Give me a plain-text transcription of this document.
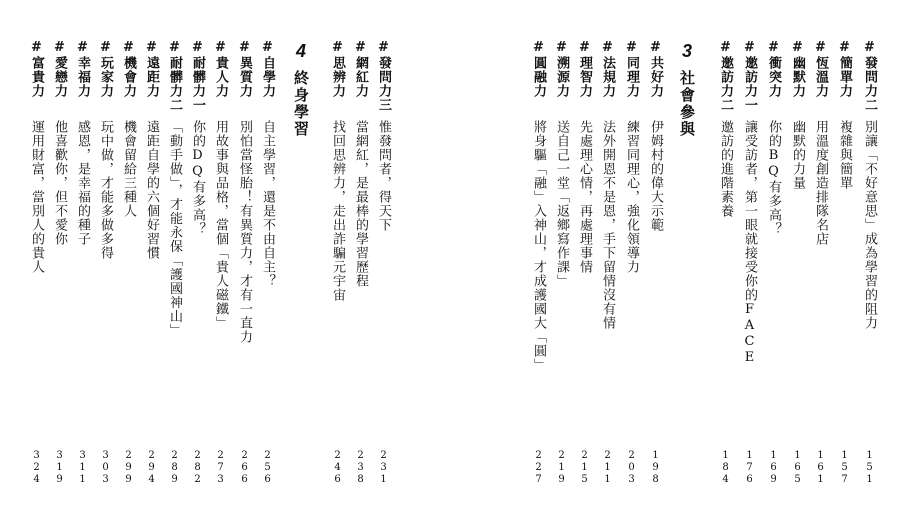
#發問力二
別讓「不好意思」成為學習的阻力
151
#簡單力
複雜與簡單
157
#恆溫力
用溫度創造排隊名店
161
#幽默力
幽默的力量
165
#衝突力
你的BQ有多高？
169
#邀訪力一
讓受訪者，第一眼就接受你的FACE
176
#邀訪力二
邀訪的進階素養
184
3
社會參與
#共好力
伊姆村的偉大示範
198
#同理力
練習同理心，強化領導力
203
#法規力
法外開恩不是恩，手下留情沒有情
211
#理智力
先處理心情，再處理事情
215
#溯源力
送自己一堂「返鄉寫作課」
219
#圓融力
將身驅「融」入神山，才成護國大「圓」
227
#發問力三
惟發問者，得天下
231
#網紅力
當網紅，是最棒的學習歷程
238
#思辨力
找回思辨力，走出詐騙元宇宙
246
4
終身學習
#自學力
自主學習，還是不由自主？
256
#異質力
別怕當怪胎！有異質力，才有一直力
266
#貴人力
用故事與品格，當個「貴人磁鐵」
273
#耐髒力一
你的DQ有多高？
282
#耐髒力二
「動手做」，才能永保「護國神山」
289
#遠距力
遠距自學的六個好習慣
294
#機會力
機會留給三種人
299
#玩家力
玩中做，才能多做多得
303
#幸福力
感恩，是幸福的種子
311
#愛戀力
他喜歡你，但不愛你
319
#富貴力
運用財富，當別人的貴人
324
